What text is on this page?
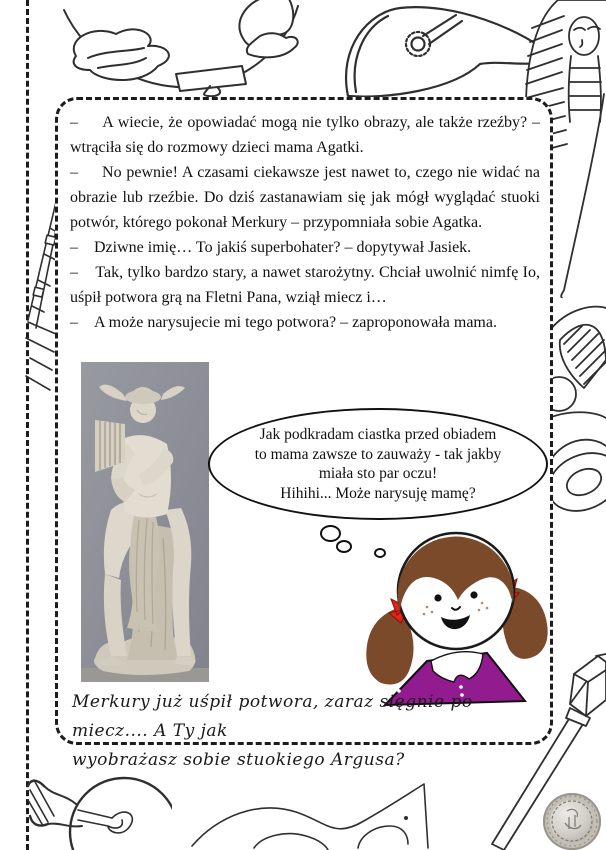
–     A wiecie, że opowiadać mogą nie tylko obrazy, ale także rzeźby? – wtrąciła się do rozmowy dzieci mama Agatki.

–     No pewnie! A czasami ciekawsze jest nawet to, czego nie widać na obrazie lub rzeźbie. Do dziś zastanawiam się jak mógł wyglądać stuoki potwór, którego pokonał Merkury – przypomniała sobie Agatka.

–    Dziwne imię… To jakiś superbohater? – dopytywał Jasiek.

–    Tak, tylko bardzo stary, a nawet starożytny. Chciał uwolnić nimfę Io, uśpił potwora grą na Fletni Pana, wziął miecz i…

–    A może narysujecie mi tego potwora? – zaproponowała mama.

Jak podkradam ciastka przed obiadem
to mama zawsze to zauważy - tak jakby
miała sto par oczu!
Hihihi... Może narysuję mamę?
Merkury już uśpił potwora, zaraz sięgnie po miecz.... A Ty jak
wyobrażasz sobie stuokiego Argusa?
